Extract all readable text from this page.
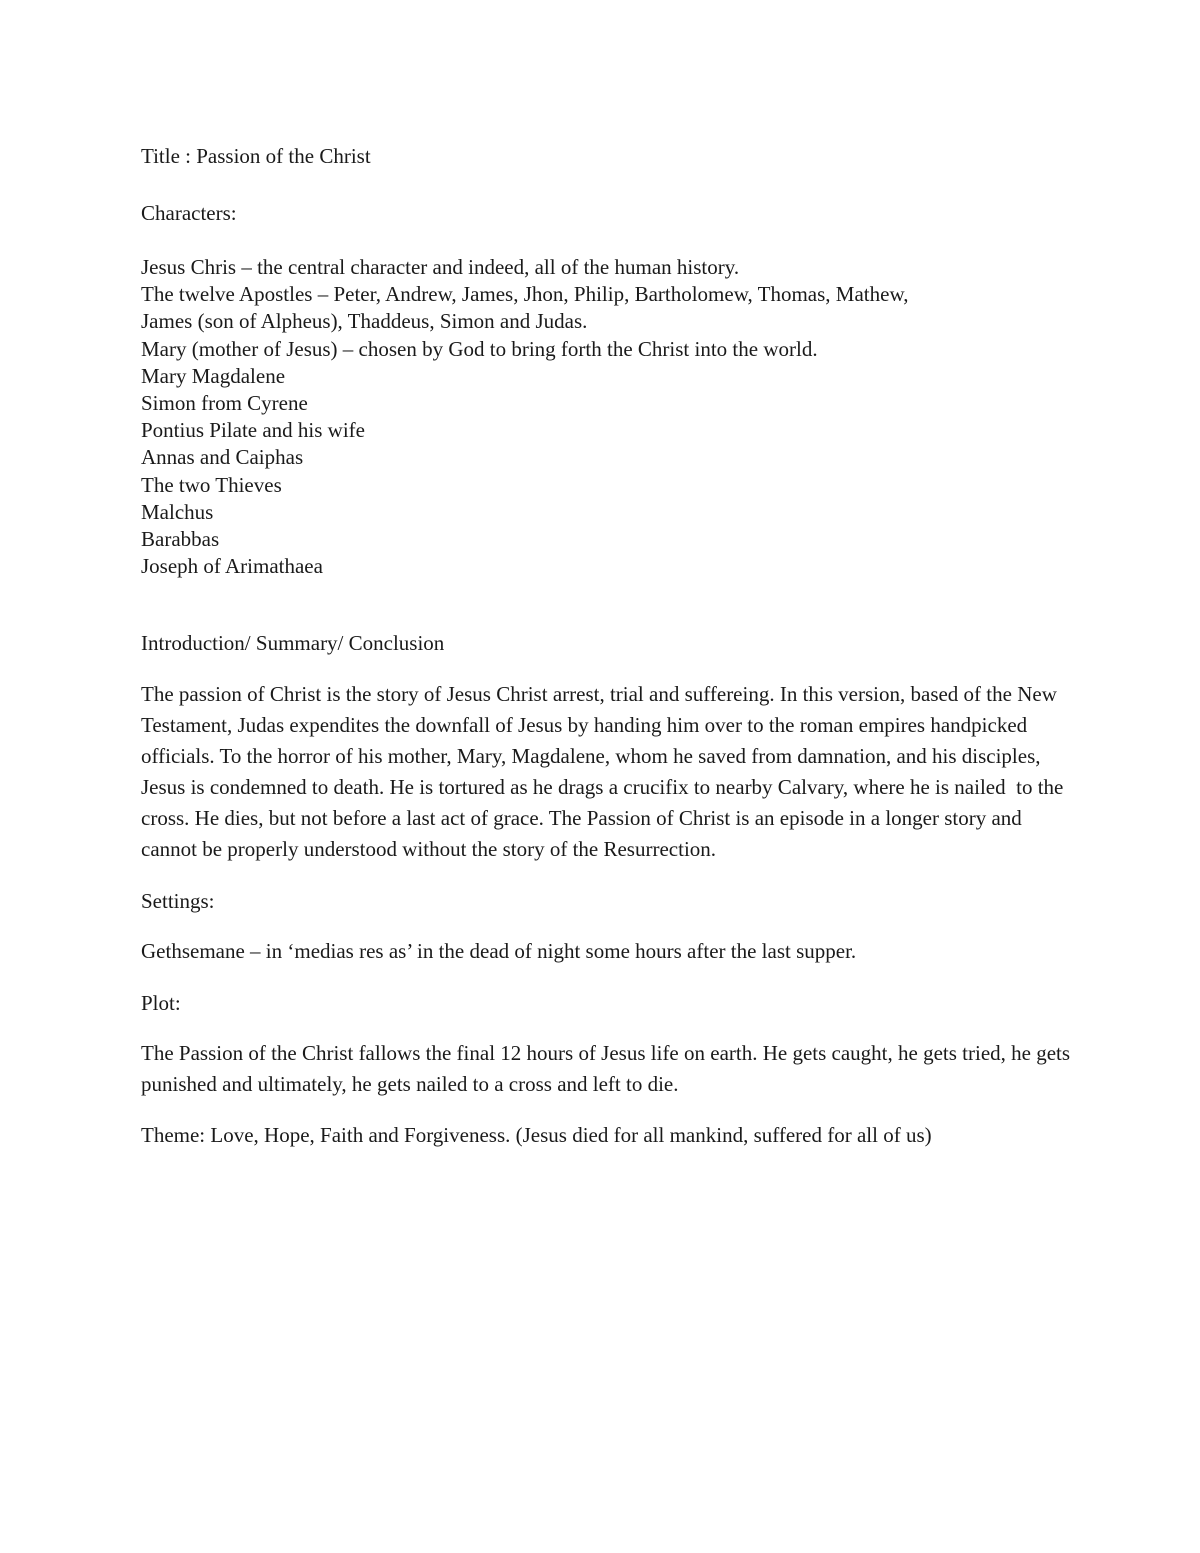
Title : Passion of the Christ

Characters:

Jesus Chris – the central character and indeed, all of the human history.

The twelve Apostles – Peter, Andrew, James, Jhon, Philip, Bartholomew, Thomas, Mathew,

James (son of Alpheus), Thaddeus, Simon and Judas.

Mary (mother of Jesus) – chosen by God to bring forth the Christ into the world.

Mary Magdalene

Simon from Cyrene

Pontius Pilate and his wife

Annas and Caiphas

The two Thieves

Malchus

Barabbas

Joseph of Arimathaea

Introduction/ Summary/ Conclusion

The passion of Christ is the story of Jesus Christ arrest, trial and suffereing. In this version, based of the New Testament, Judas expendites the downfall of Jesus by handing him over to the roman empires handpicked officials. To the horror of his mother, Mary, Magdalene, whom he saved from damnation, and his disciples, Jesus is condemned to death. He is tortured as he drags a crucifix to nearby Calvary, where he is nailed  to the cross. He dies, but not before a last act of grace. The Passion of Christ is an episode in a longer story and cannot be properly understood without the story of the Resurrection.

Settings:

Gethsemane – in ‘medias res as’ in the dead of night some hours after the last supper.

Plot:

The Passion of the Christ fallows the final 12 hours of Jesus life on earth. He gets caught, he gets tried, he gets punished and ultimately, he gets nailed to a cross and left to die.

Theme: Love, Hope, Faith and Forgiveness. (Jesus died for all mankind, suffered for all of us)
